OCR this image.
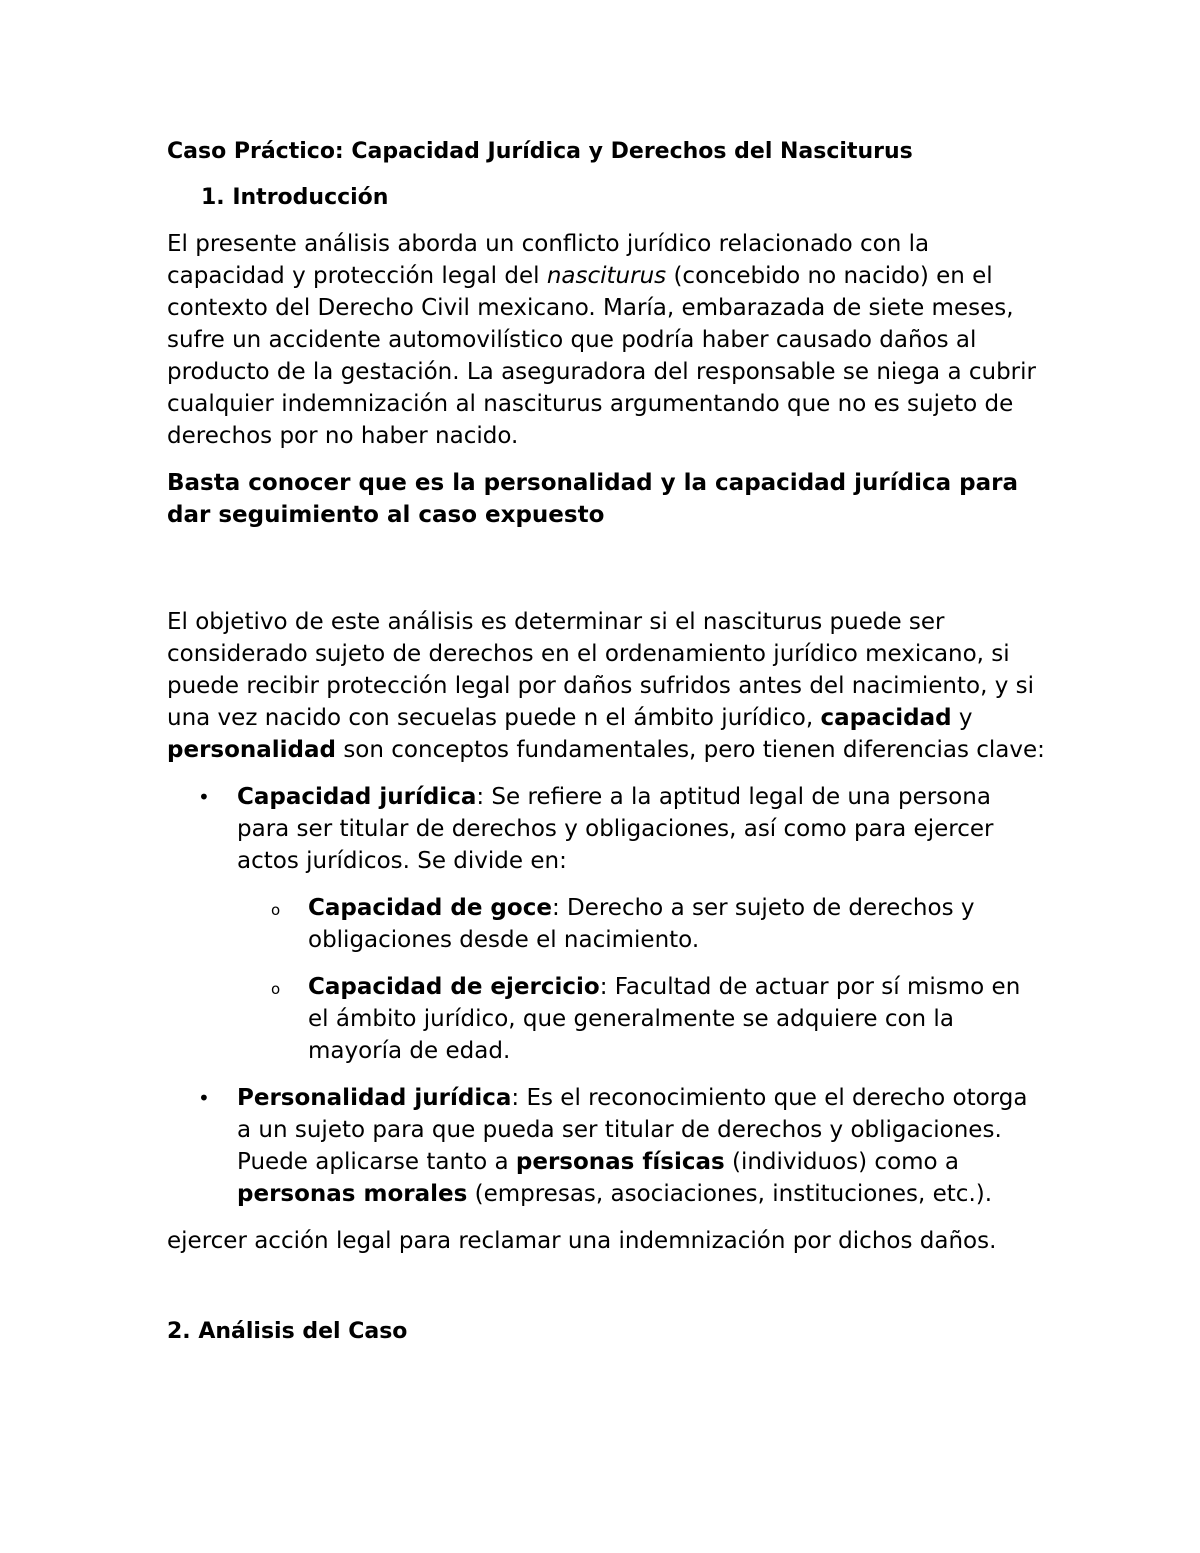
Caso Práctico: Capacidad Jurídica y Derechos del Nasciturus
1. Introducción

El presente análisis aborda un conflicto jurídico relacionado con la capacidad y protección legal del nasciturus (concebido no nacido) en el contexto del Derecho Civil mexicano. María, embarazada de siete meses, sufre un accidente automovilístico que podría haber causado daños al producto de la gestación. La aseguradora del responsable se niega a cubrir cualquier indemnización al nasciturus argumentando que no es sujeto de derechos por no haber nacido.

Basta conocer que es la personalidad y la capacidad jurídica para dar seguimiento al caso expuesto

El objetivo de este análisis es determinar si el nasciturus puede ser considerado sujeto de derechos en el ordenamiento jurídico mexicano, si puede recibir protección legal por daños sufridos antes del nacimiento, y si una vez nacido con secuelas puede n el ámbito jurídico, capacidad y personalidad son conceptos fundamentales, pero tienen diferencias clave:

• Capacidad jurídica: Se refiere a la aptitud legal de una persona para ser titular de derechos y obligaciones, así como para ejercer actos jurídicos. Se divide en:
o Capacidad de goce: Derecho a ser sujeto de derechos y obligaciones desde el nacimiento.
o Capacidad de ejercicio: Facultad de actuar por sí mismo en el ámbito jurídico, que generalmente se adquiere con la mayoría de edad.
• Personalidad jurídica: Es el reconocimiento que el derecho otorga a un sujeto para que pueda ser titular de derechos y obligaciones. Puede aplicarse tanto a personas físicas (individuos) como a personas morales (empresas, asociaciones, instituciones, etc.).

ejercer acción legal para reclamar una indemnización por dichos daños.

2. Análisis del Caso
